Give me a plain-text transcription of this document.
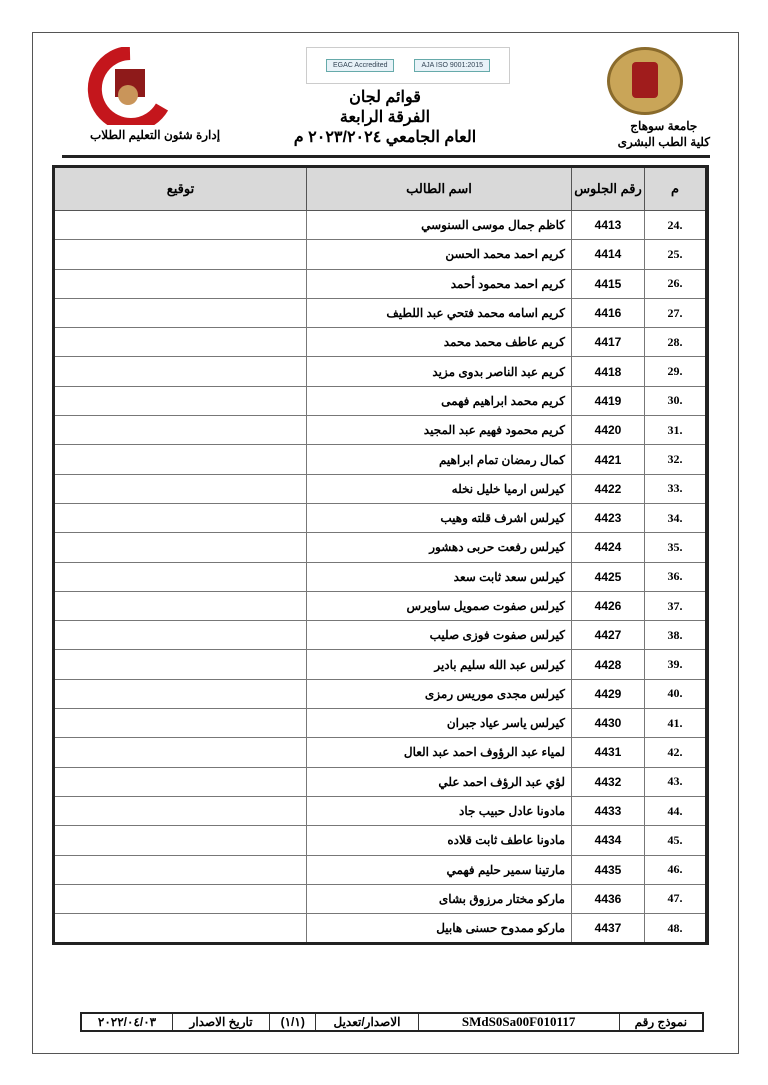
جامعة سوهاج
كلية الطب البشرى
EGAC Accredited	AJA ISO 9001:2015
قوائم لجان
الفرقة الرابعة
العام الجامعي ٢٠٢٣/٢٠٢٤ م
إدارة شئون التعليم الطلاب
م	رقم الجلوس	اسم الطالب	توقيع
.24	4413	كاظم جمال موسى السنوسي	
.25	4414	كريم احمد محمد الحسن	
.26	4415	كريم احمد محمود أحمد	
.27	4416	كريم اسامه محمد فتحي عبد اللطيف	
.28	4417	كريم عاطف محمد محمد	
.29	4418	كريم عبد الناصر بدوى مزيد	
.30	4419	كريم محمد ابراهيم فهمى	
.31	4420	كريم محمود فهيم عبد المجيد	
.32	4421	كمال رمضان تمام ابراهيم	
.33	4422	كيرلس ارميا خليل نخله	
.34	4423	كيرلس اشرف قلته وهيب	
.35	4424	كيرلس رفعت حربى دهشور	
.36	4425	كيرلس سعد ثابت سعد	
.37	4426	كيرلس صفوت صمويل ساويرس	
.38	4427	كيرلس صفوت فوزى صليب	
.39	4428	كيرلس عبد الله سليم بادير	
.40	4429	كيرلس مجدى موريس رمزى	
.41	4430	كيرلس ياسر عياد جبران	
.42	4431	لمياء عبد الرؤوف احمد عبد العال	
.43	4432	لؤي عبد الرؤف احمد علي	
.44	4433	مادونا عادل حبيب جاد	
.45	4434	مادونا عاطف ثابت قلاده	
.46	4435	مارتينا سمير حليم فهمي	
.47	4436	ماركو مختار مرزوق بشاى	
.48	4437	ماركو ممدوح حسنى هابيل	
نموذج رقم	SMdS0Sa00F010117	الاصدار/تعديل	(١/١)	تاريخ الاصدار	٢٠٢٢/٠٤/٠٣
